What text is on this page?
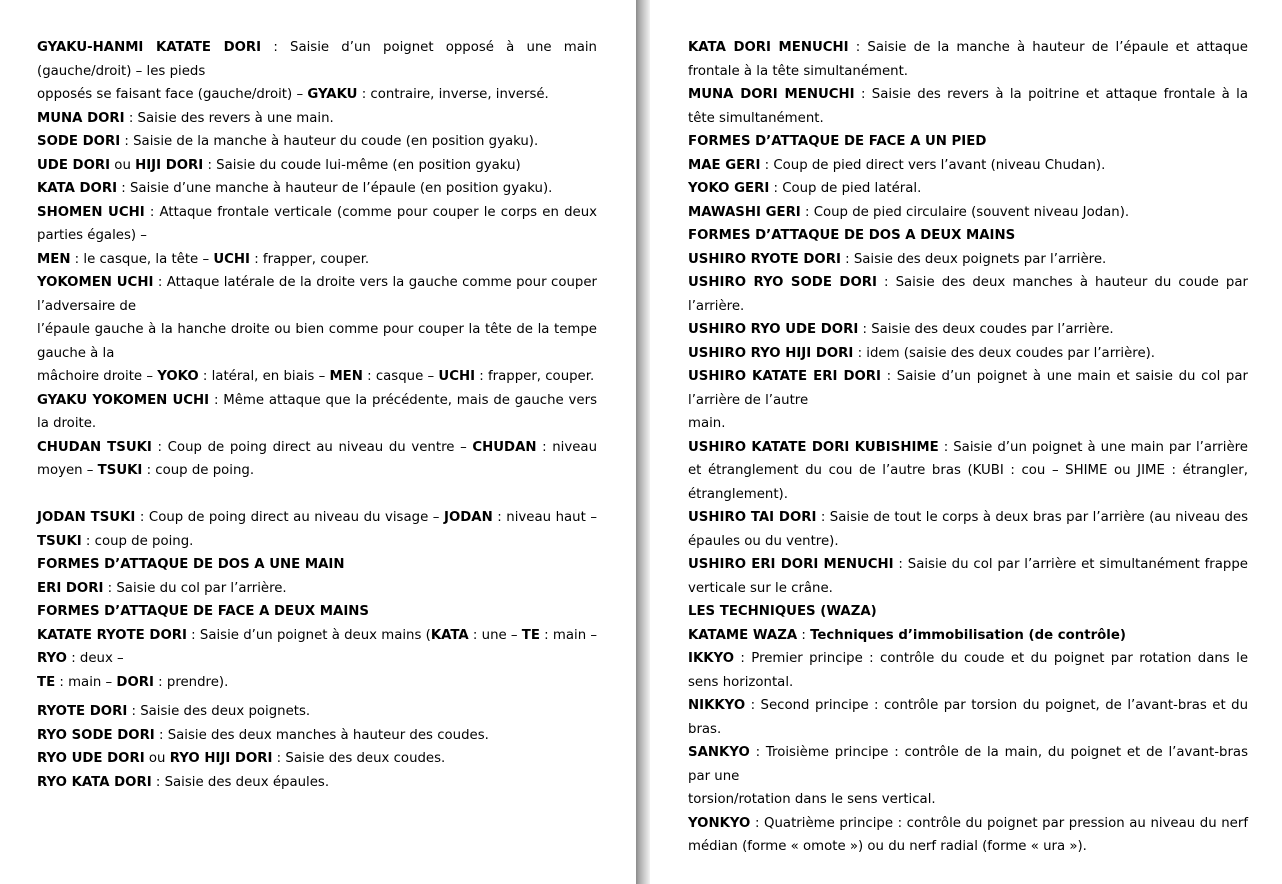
GYAKU-HANMI KATATE DORI : Saisie d’un poignet opposé à une main (gauche/droit) – les pieds

opposés se faisant face (gauche/droit) – GYAKU : contraire, inverse, inversé.

MUNA DORI : Saisie des revers à une main.

SODE DORI : Saisie de la manche à hauteur du coude (en position gyaku).

UDE DORI ou HIJI DORI : Saisie du coude lui-même (en position gyaku)

KATA DORI : Saisie d’une manche à hauteur de l’épaule (en position gyaku).

SHOMEN UCHI : Attaque frontale verticale (comme pour couper le corps en deux parties égales) –

MEN : le casque, la tête – UCHI : frapper, couper.

YOKOMEN UCHI : Attaque latérale de la droite vers la gauche comme pour couper l’adversaire de

l’épaule gauche à la hanche droite ou bien comme pour couper la tête de la tempe gauche à la

mâchoire droite – YOKO : latéral, en biais – MEN : casque – UCHI : frapper, couper.

GYAKU YOKOMEN UCHI : Même attaque que la précédente, mais de gauche vers la droite.

CHUDAN TSUKI : Coup de poing direct au niveau du ventre – CHUDAN : niveau moyen – TSUKI : coup de poing.

JODAN TSUKI : Coup de poing direct au niveau du visage – JODAN : niveau haut – TSUKI : coup de poing.

FORMES D’ATTAQUE DE DOS A UNE MAIN

ERI DORI : Saisie du col par l’arrière.

FORMES D’ATTAQUE DE FACE A DEUX MAINS

KATATE RYOTE DORI : Saisie d’un poignet à deux mains (KATA : une – TE : main – RYO : deux –

TE : main – DORI : prendre).

RYOTE DORI : Saisie des deux poignets.

RYO SODE DORI : Saisie des deux manches à hauteur des coudes.

RYO UDE DORI ou RYO HIJI DORI : Saisie des deux coudes.

RYO KATA DORI : Saisie des deux épaules.

KATA DORI MENUCHI : Saisie de la manche à hauteur de l’épaule et attaque frontale à la tête simultanément.

MUNA DORI MENUCHI : Saisie des revers à la poitrine et attaque frontale à la tête simultanément.

FORMES D’ATTAQUE DE FACE A UN PIED

MAE GERI : Coup de pied direct vers l’avant (niveau Chudan).

YOKO GERI : Coup de pied latéral.

MAWASHI GERI : Coup de pied circulaire (souvent niveau Jodan).

FORMES D’ATTAQUE DE DOS A DEUX MAINS

USHIRO RYOTE DORI : Saisie des deux poignets par l’arrière.

USHIRO RYO SODE DORI : Saisie des deux manches à hauteur du coude par l’arrière.

USHIRO RYO UDE DORI : Saisie des deux coudes par l’arrière.

USHIRO RYO HIJI DORI : idem (saisie des deux coudes par l’arrière).

USHIRO KATATE ERI DORI : Saisie d’un poignet à une main et saisie du col par l’arrière de l’autre

main.

USHIRO KATATE DORI KUBISHIME : Saisie d’un poignet à une main par l’arrière et étranglement du cou de l’autre bras (KUBI : cou – SHIME ou JIME : étrangler, étranglement).

USHIRO TAI DORI : Saisie de tout le corps à deux bras par l’arrière (au niveau des épaules ou du ventre).

USHIRO ERI DORI MENUCHI : Saisie du col par l’arrière et simultanément frappe verticale sur le crâne.

LES TECHNIQUES (WAZA)

KATAME WAZA : Techniques d’immobilisation (de contrôle)

IKKYO : Premier principe : contrôle du coude et du poignet par rotation dans le sens horizontal.

NIKKYO : Second principe : contrôle par torsion du poignet, de l’avant-bras et du bras.

SANKYO : Troisième principe : contrôle de la main, du poignet et de l’avant-bras par une

torsion/rotation dans le sens vertical.

YONKYO : Quatrième principe : contrôle du poignet par pression au niveau du nerf médian (forme « omote ») ou du nerf radial (forme « ura »).
